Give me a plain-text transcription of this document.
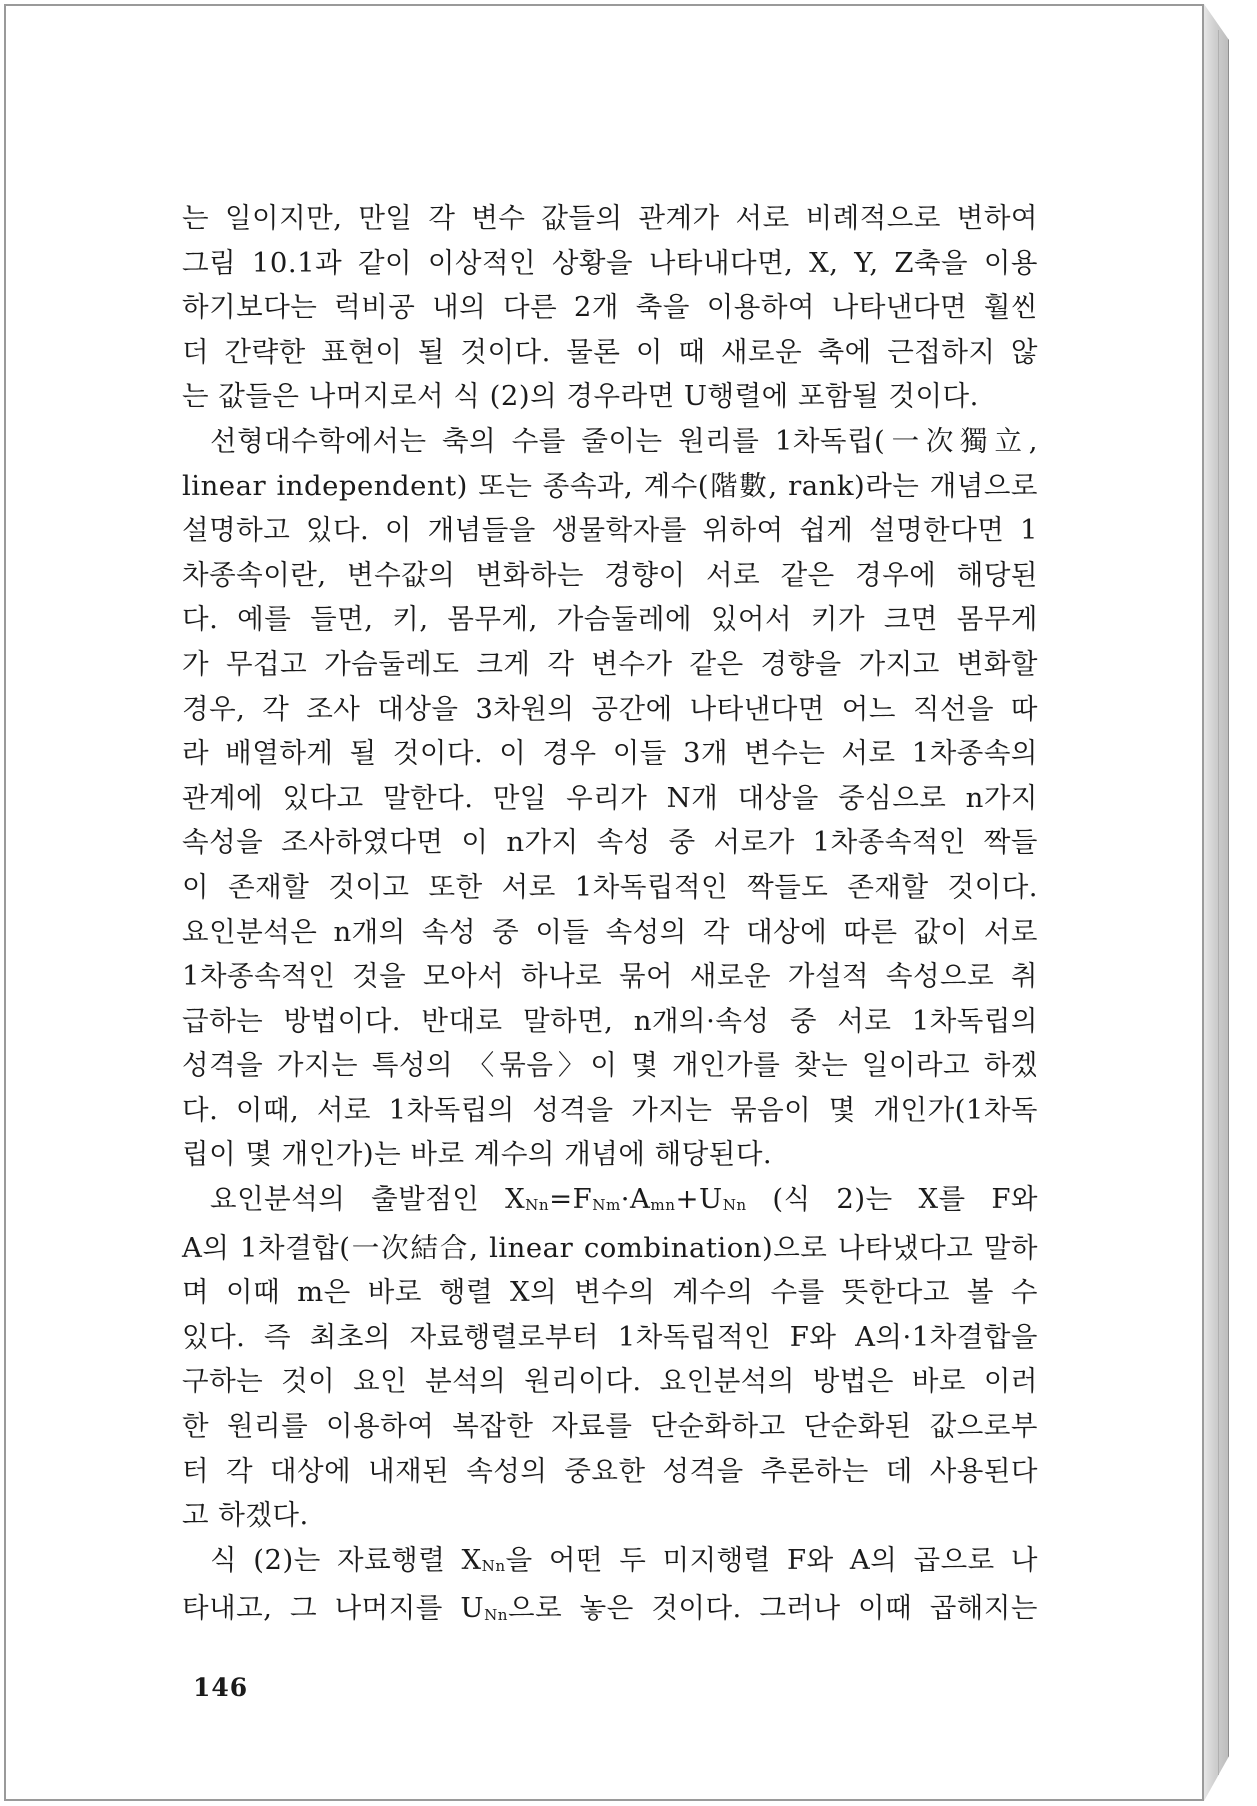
는 일이지만, 만일 각 변수 값들의 관계가 서로 비례적으로 변하여
그림 10.1과 같이 이상적인 상황을 나타내다면, X, Y, Z축을 이용
하기보다는 럭비공 내의 다른 2개 축을 이용하여 나타낸다면 훨씬
더 간략한 표현이 될 것이다. 물론 이 때 새로운 축에 근접하지 않
는 값들은 나머지로서 식 (2)의 경우라면 U행렬에 포함될 것이다.
선형대수학에서는 축의 수를 줄이는 원리를 1차독립(一次獨立,
linear independent) 또는 종속과, 계수(階數, rank)라는 개념으로
설명하고 있다. 이 개념들을 생물학자를 위하여 쉽게 설명한다면 1
차종속이란, 변수값의 변화하는 경향이 서로 같은 경우에 해당된
다. 예를 들면, 키, 몸무게, 가슴둘레에 있어서 키가 크면 몸무게
가 무겁고 가슴둘레도 크게 각 변수가 같은 경향을 가지고 변화할
경우, 각 조사 대상을 3차원의 공간에 나타낸다면 어느 직선을 따
라 배열하게 될 것이다. 이 경우 이들 3개 변수는 서로 1차종속의
관계에 있다고 말한다. 만일 우리가 N개 대상을 중심으로 n가지
속성을 조사하였다면 이 n가지 속성 중 서로가 1차종속적인 짝들
이 존재할 것이고 또한 서로 1차독립적인 짝들도 존재할 것이다.
요인분석은 n개의 속성 중 이들 속성의 각 대상에 따른 값이 서로
1차종속적인 것을 모아서 하나로 묶어 새로운 가설적 속성으로 취
급하는 방법이다. 반대로 말하면, n개의·속성 중 서로 1차독립의
성격을 가지는 특성의 〈묶음〉이 몇 개인가를 찾는 일이라고 하겠
다. 이때, 서로 1차독립의 성격을 가지는 묶음이 몇 개인가(1차독
립이 몇 개인가)는 바로 계수의 개념에 해당된다.
요인분석의 출발점인 $X_{Nn}=F_{Nm}\cdot A_{mn}+U_{Nn}$ (식 2)는 X를 F와
A의 1차결합(一次結合, linear combination)으로 나타냈다고 말하
며 이때 m은 바로 행렬 X의 변수의 계수의 수를 뜻한다고 볼 수
있다. 즉 최초의 자료행렬로부터 1차독립적인 F와 A의·1차결합을
구하는 것이 요인 분석의 원리이다. 요인분석의 방법은 바로 이러
한 원리를 이용하여 복잡한 자료를 단순화하고 단순화된 값으로부
터 각 대상에 내재된 속성의 중요한 성격을 추론하는 데 사용된다
고 하겠다.
식 (2)는 자료행렬 $X_{Nn}$을 어떤 두 미지행렬 F와 A의 곱으로 나
타내고, 그 나머지를 $U_{Nn}$으로 놓은 것이다. 그러나 이때 곱해지는
146
